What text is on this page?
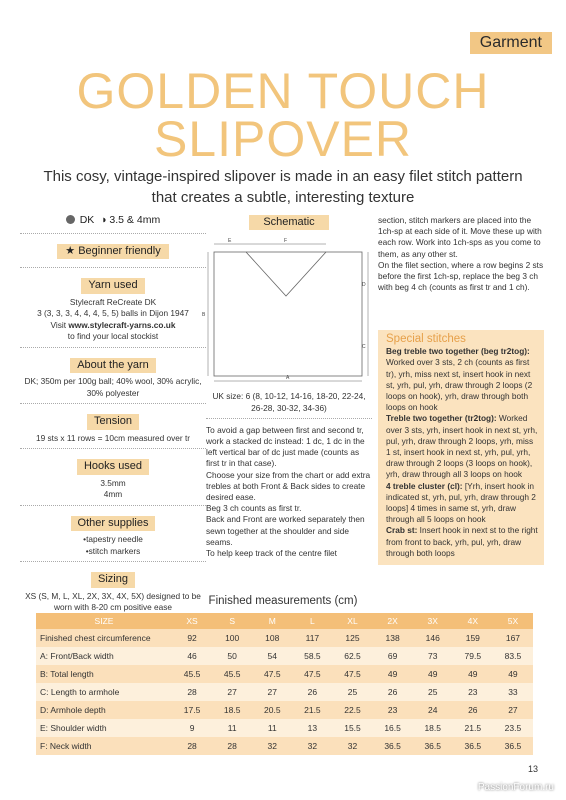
Garment
GOLDEN TOUCH
SLIPOVER
This cosy, vintage-inspired slipover is made in an easy filet stitch pattern that creates a subtle, interesting texture
DK ◑ 3.5 & 4mm
★ Beginner friendly
Yarn used

Stylecraft ReCreate DK

3 (3, 3, 3, 4, 4, 4, 5, 5) balls in Dijon 1947

Visit www.stylecraft-yarns.co.uk

to find your local stockist

About the yarn

DK; 350m per 100g ball; 40% wool, 30% acrylic, 30% polyester

Tension

19 sts x 11 rows = 10cm measured over tr

Hooks used

3.5mm

4mm

Other supplies

• tapestry needle

• stitch markers

Sizing

XS (S, M, L, XL, 2X, 3X, 4X, 5X) designed to be worn with 8-20 cm positive ease

Schematic
E	F
B
D
C
A

UK size: 6 (8, 10-12, 14-16, 18-20, 22-24, 26-28, 30-32, 34-36)

To avoid a gap between first and second tr, work a stacked dc instead: 1 dc, 1 dc in the left vertical bar of dc just made (counts as first tr in that case).
Choose your size from the chart or add extra trebles at both Front & Back sides to create desired ease.
Beg 3 ch counts as first tr.
Back and Front are worked separately then sewn together at the shoulder and side seams.
To help keep track of the centre filet

section, stitch markers are placed into the 1ch-sp at each side of it. Move these up with each row. Work into 1ch-sps as you come to them, as any other st.
On the filet section, where a row begins 2 sts before the first 1ch-sp, replace the beg 3 ch with beg 4 ch (counts as first tr and 1 ch).

Special stitches

Beg treble two together (beg tr2tog): Worked over 3 sts, 2 ch (counts as first tr), yrh, miss next st, insert hook in next st, yrh, pul, yrh, draw through 2 loops (2 loops on hook), yrh, draw through both loops on hook

Treble two together (tr2tog): Worked over 3 sts, yrh, insert hook in next st, yrh, pul, yrh, draw through 2 loops, yrh, miss 1 st, insert hook in next st, yrh, pul, yrh, draw through 2 loops (3 loops on hook), yrh, draw through all 3 loops on hook

4 treble cluster (cl): [Yrh, insert hook in indicated st, yrh, pul, yrh, draw through 2 loops] 4 times in same st, yrh, draw through all 5 loops on hook

Crab st: Insert hook in next st to the right from front to back, yrh, pul, yrh, draw through both loops

Finished measurements (cm)
SIZE	XS	S	M	L	XL	2X	3X	4X	5X
Finished chest circumference	92	100	108	117	125	138	146	159	167
A: Front/Back width	46	50	54	58.5	62.5	69	73	79.5	83.5
B: Total length	45.5	45.5	47.5	47.5	47.5	49	49	49	49
C: Length to armhole	28	27	27	26	25	26	25	23	33
D: Armhole depth	17.5	18.5	20.5	21.5	22.5	23	24	26	27
E: Shoulder width	9	11	11	13	15.5	16.5	18.5	21.5	23.5
F: Neck width	28	28	32	32	32	36.5	36.5	36.5	36.5
13
PassionForum.ru
